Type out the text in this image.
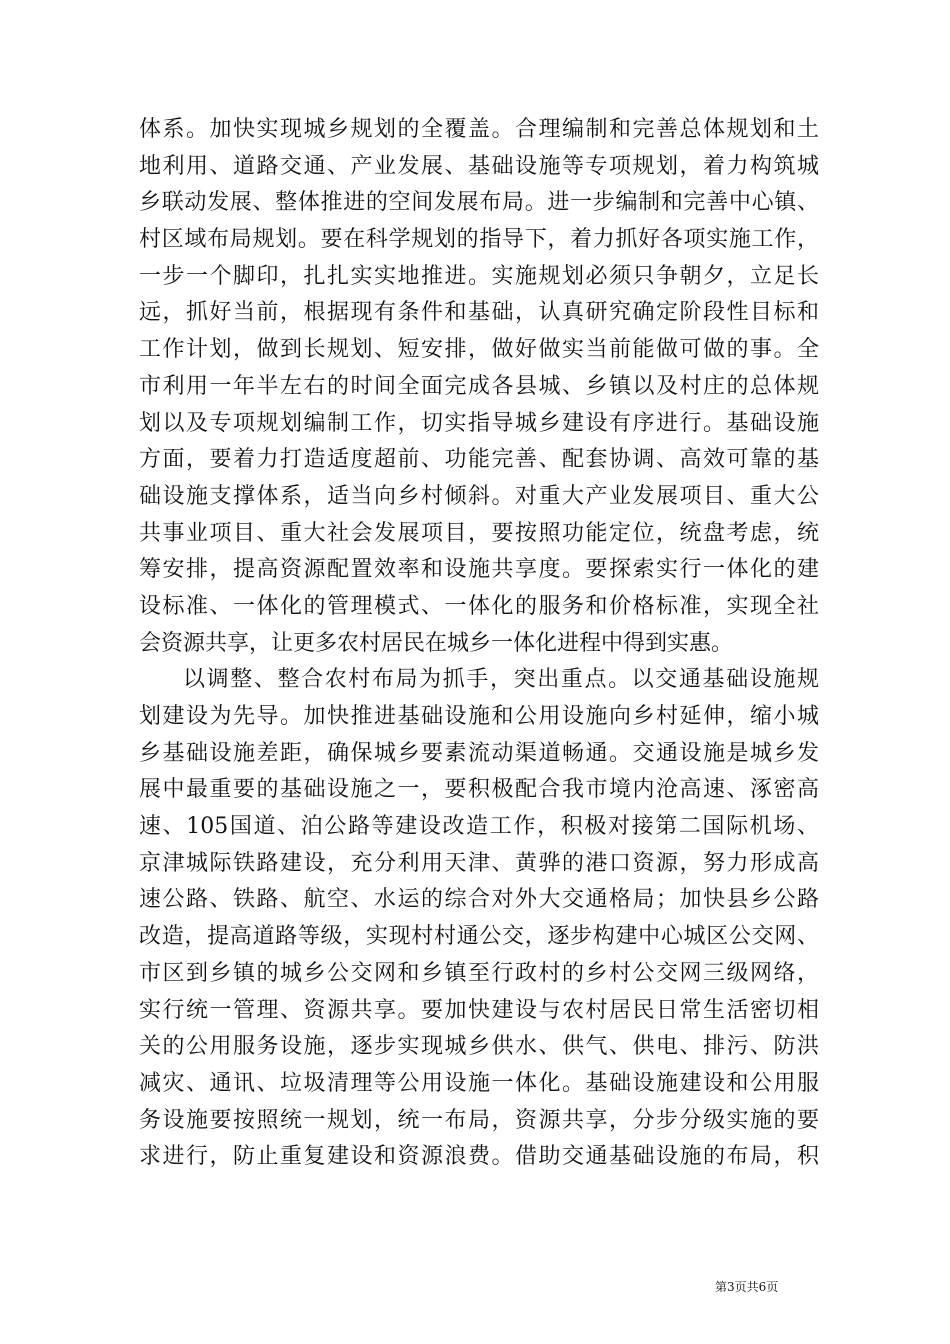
体系。加快实现城乡规划的全覆盖。合理编制和完善总体规划和土
地利用、道路交通、产业发展、基础设施等专项规划，着力构筑城
乡联动发展、整体推进的空间发展布局。进一步编制和完善中心镇、
村区域布局规划。要在科学规划的指导下，着力抓好各项实施工作，
一步一个脚印，扎扎实实地推进。实施规划必须只争朝夕，立足长
远，抓好当前，根据现有条件和基础，认真研究确定阶段性目标和
工作计划，做到长规划、短安排，做好做实当前能做可做的事。全
市利用一年半左右的时间全面完成各县城、乡镇以及村庄的总体规
划以及专项规划编制工作，切实指导城乡建设有序进行。基础设施
方面，要着力打造适度超前、功能完善、配套协调、高效可靠的基
础设施支撑体系，适当向乡村倾斜。对重大产业发展项目、重大公
共事业项目、重大社会发展项目，要按照功能定位，统盘考虑，统
筹安排，提高资源配置效率和设施共享度。要探索实行一体化的建
设标准、一体化的管理模式、一体化的服务和价格标准，实现全社
会资源共享，让更多农村居民在城乡一体化进程中得到实惠。
以调整、整合农村布局为抓手，突出重点。以交通基础设施规
划建设为先导。加快推进基础设施和公用设施向乡村延伸，缩小城
乡基础设施差距，确保城乡要素流动渠道畅通。交通设施是城乡发
展中最重要的基础设施之一，要积极配合我市境内沧高速、涿密高
速、105国道、泊公路等建设改造工作，积极对接第二国际机场、
京津城际铁路建设，充分利用天津、黄骅的港口资源，努力形成高
速公路、铁路、航空、水运的综合对外大交通格局；加快县乡公路
改造，提高道路等级，实现村村通公交，逐步构建中心城区公交网、
市区到乡镇的城乡公交网和乡镇至行政村的乡村公交网三级网络，
实行统一管理、资源共享。要加快建设与农村居民日常生活密切相
关的公用服务设施，逐步实现城乡供水、供气、供电、排污、防洪
减灾、通讯、垃圾清理等公用设施一体化。基础设施建设和公用服
务设施要按照统一规划，统一布局，资源共享，分步分级实施的要
求进行，防止重复建设和资源浪费。借助交通基础设施的布局，积
第3页共6页
